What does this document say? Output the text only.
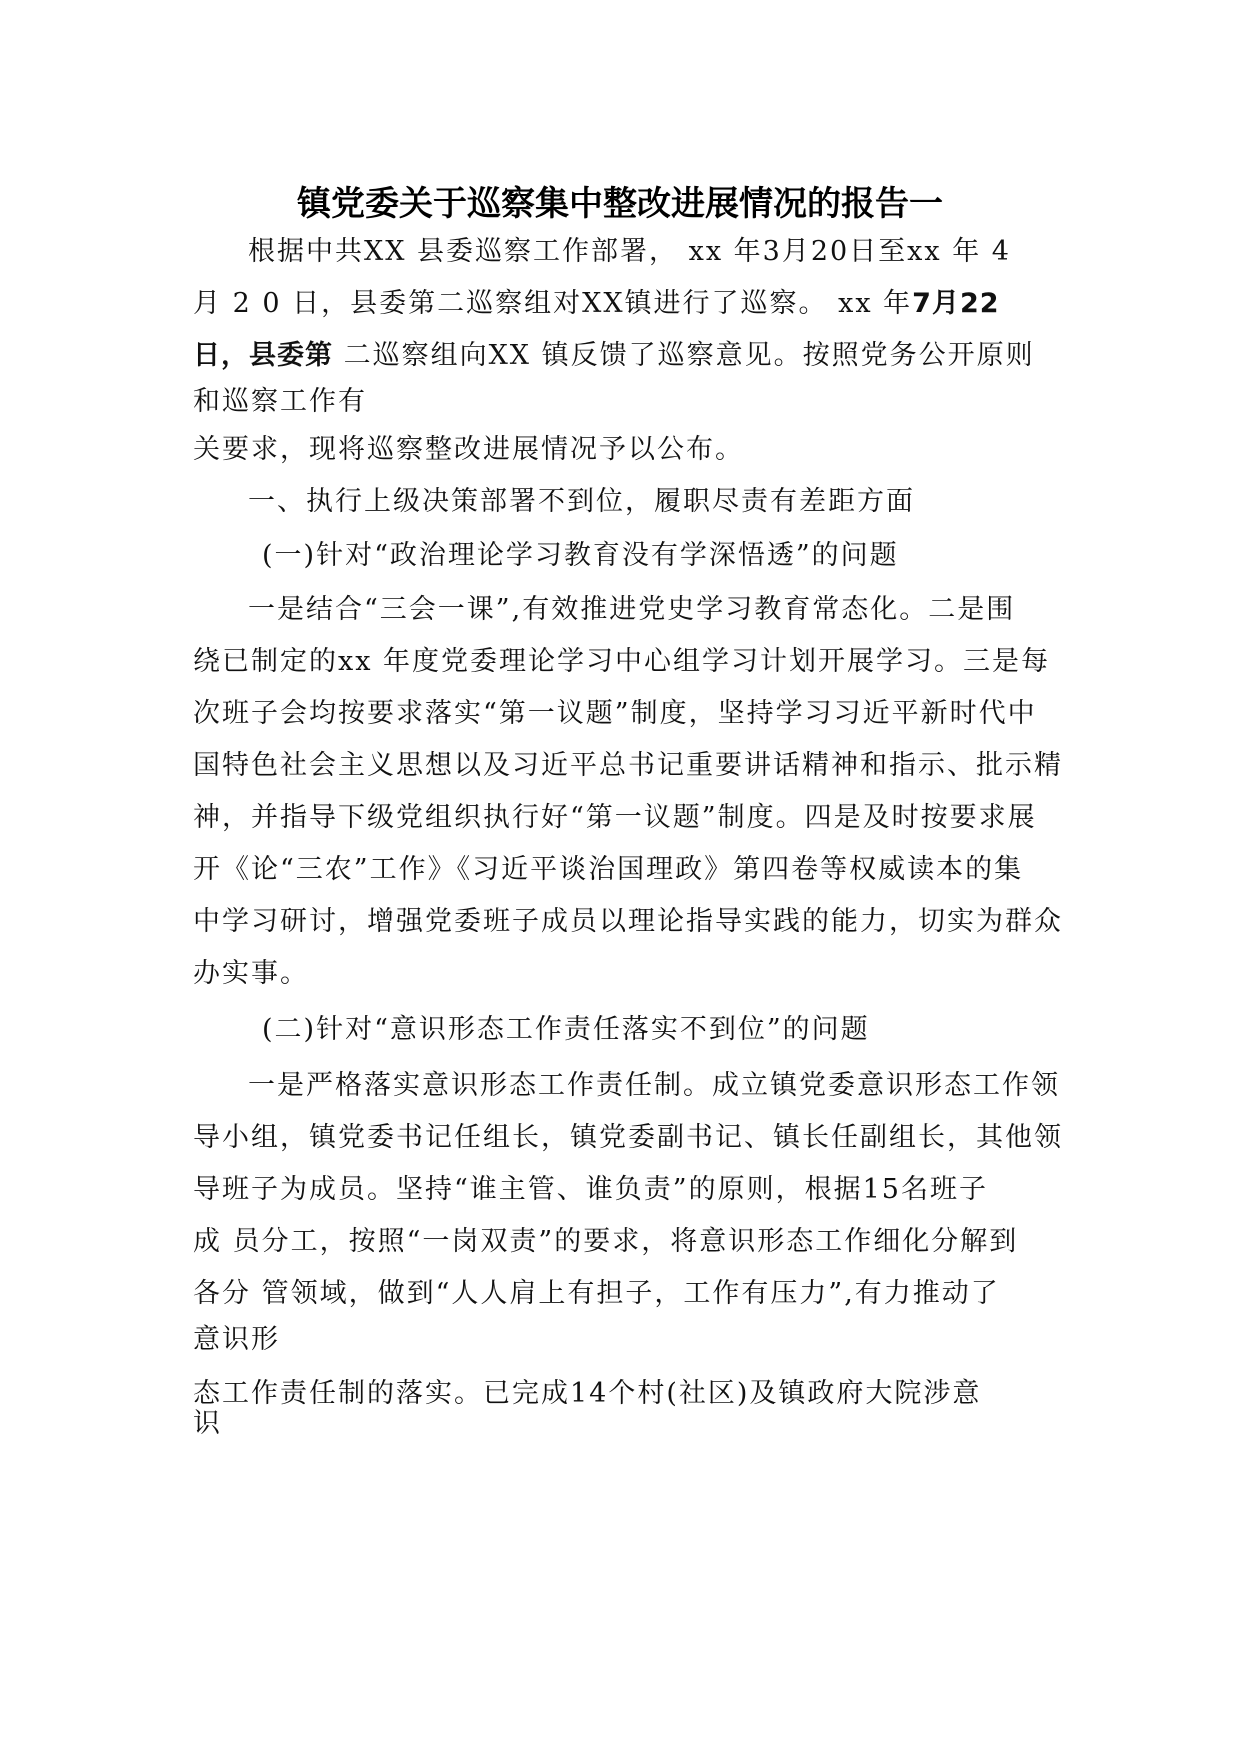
镇党委关于巡察集中整改进展情况的报告一
根据中共XX 县委巡察工作部署， xx 年3月20日至xx 年 4
月 2 0 日，县委第二巡察组对XX镇进行了巡察。 xx 年7月22
日，县委第 二巡察组向XX 镇反馈了巡察意见。按照党务公开原则
和巡察工作有
关要求，现将巡察整改进展情况予以公布。
一、执行上级决策部署不到位，履职尽责有差距方面
(一)针对“政治理论学习教育没有学深悟透”的问题
一是结合“三会一课”,有效推进党史学习教育常态化。二是围
绕已制定的xx 年度党委理论学习中心组学习计划开展学习。三是每
次班子会均按要求落实“第一议题”制度，坚持学习习近平新时代中
国特色社会主义思想以及习近平总书记重要讲话精神和指示、批示精
神，并指导下级党组织执行好“第一议题”制度。四是及时按要求展
开《论“三农”工作》《习近平谈治国理政》第四卷等权威读本的集
中学习研讨，增强党委班子成员以理论指导实践的能力，切实为群众
办实事。
(二)针对“意识形态工作责任落实不到位”的问题
一是严格落实意识形态工作责任制。成立镇党委意识形态工作领
导小组，镇党委书记任组长，镇党委副书记、镇长任副组长，其他领
导班子为成员。坚持“谁主管、谁负责”的原则，根据15名班子
成 员分工，按照“一岗双责”的要求，将意识形态工作细化分解到
各分 管领域，做到“人人肩上有担子，工作有压力”,有力推动了
意识形
态工作责任制的落实。已完成14个村(社区)及镇政府大院涉意
识
